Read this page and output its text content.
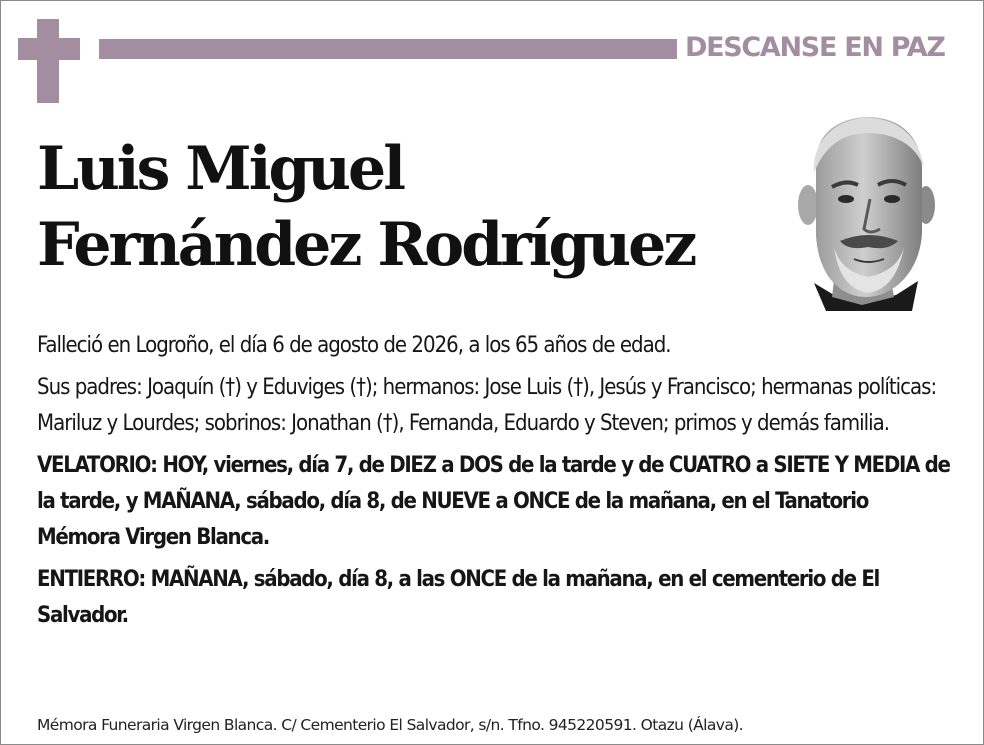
DESCANSE EN PAZ
Luis Miguel
Fernández Rodríguez

Falleció en Logroño, el día 6 de agosto de 2026, a los 65 años de edad.

Sus padres: Joaquín (†) y Eduviges (†); hermanos: Jose Luis (†), Jesús y Francisco; hermanas políticas: Mariluz y Lourdes; sobrinos: Jonathan (†), Fernanda, Eduardo y Steven; primos y demás familia.

VELATORIO: HOY, viernes, día 7, de DIEZ a DOS de la tarde y de CUATRO a SIETE Y MEDIA de la tarde, y MAÑANA, sábado, día 8, de NUEVE a ONCE de la mañana, en el Tanatorio Mémora Virgen Blanca.

ENTIERRO: MAÑANA, sábado, día 8, a las ONCE de la mañana, en el cementerio de El Salvador.

Mémora Funeraria Virgen Blanca. C/ Cementerio El Salvador, s/n. Tfno. 945220591. Otazu (Álava).
